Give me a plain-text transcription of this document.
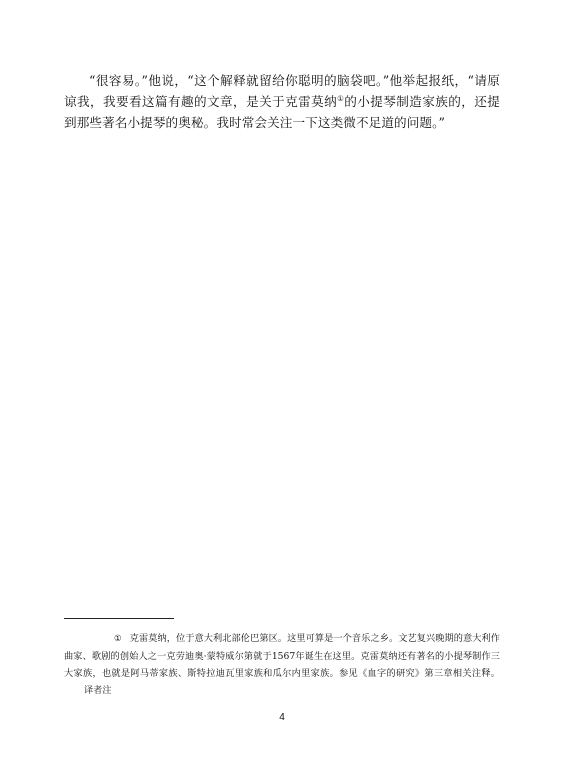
“很容易。”他说，“这个解释就留给你聪明的脑袋吧。”他举起报纸，“请原谅我，我要看这篇有趣的文章，是关于克雷莫纳①的小提琴制造家族的，还提到那些著名小提琴的奥秘。我时常会关注一下这类微不足道的问题。”

① 克雷莫纳，位于意大利北部伦巴第区。这里可算是一个音乐之乡。文艺复兴晚期的意大利作曲家、歌剧的创始人之一克劳迪奥·蒙特威尔第就于1567年诞生在这里。克雷莫纳还有著名的小提琴制作三大家族，也就是阿马蒂家族、斯特拉迪瓦里家族和瓜尔内里家族。参见《血字的研究》第三章相关注释。译者注

4
